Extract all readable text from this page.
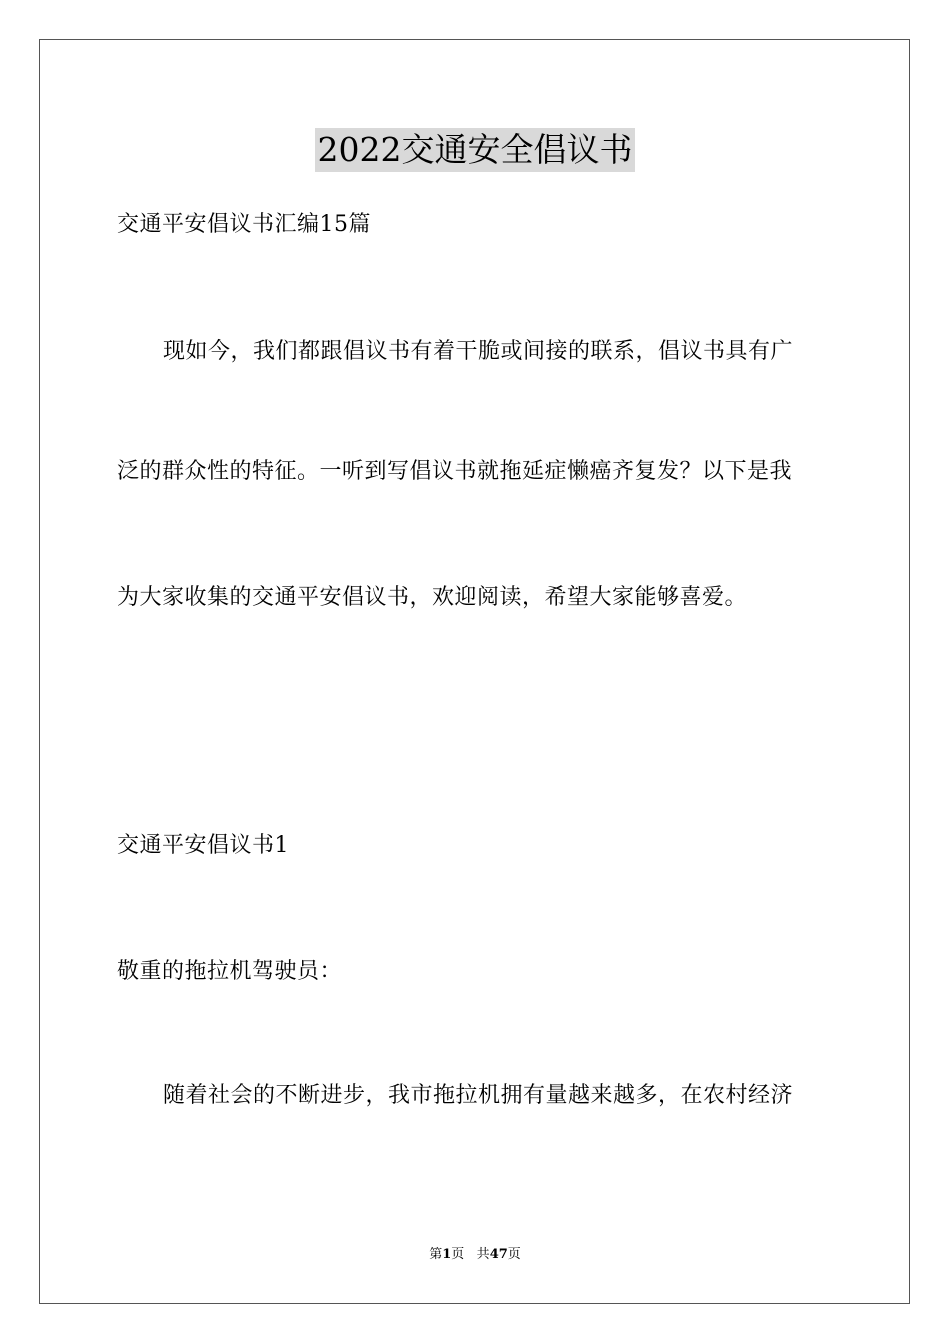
2022交通安全倡议书
交通平安倡议书汇编15篇
现如今，我们都跟倡议书有着干脆或间接的联系，倡议书具有广
泛的群众性的特征。一听到写倡议书就拖延症懒癌齐复发？以下是我
为大家收集的交通平安倡议书，欢迎阅读，希望大家能够喜爱。
交通平安倡议书1
敬重的拖拉机驾驶员：
随着社会的不断进步，我市拖拉机拥有量越来越多，在农村经济
第1页 共47页
